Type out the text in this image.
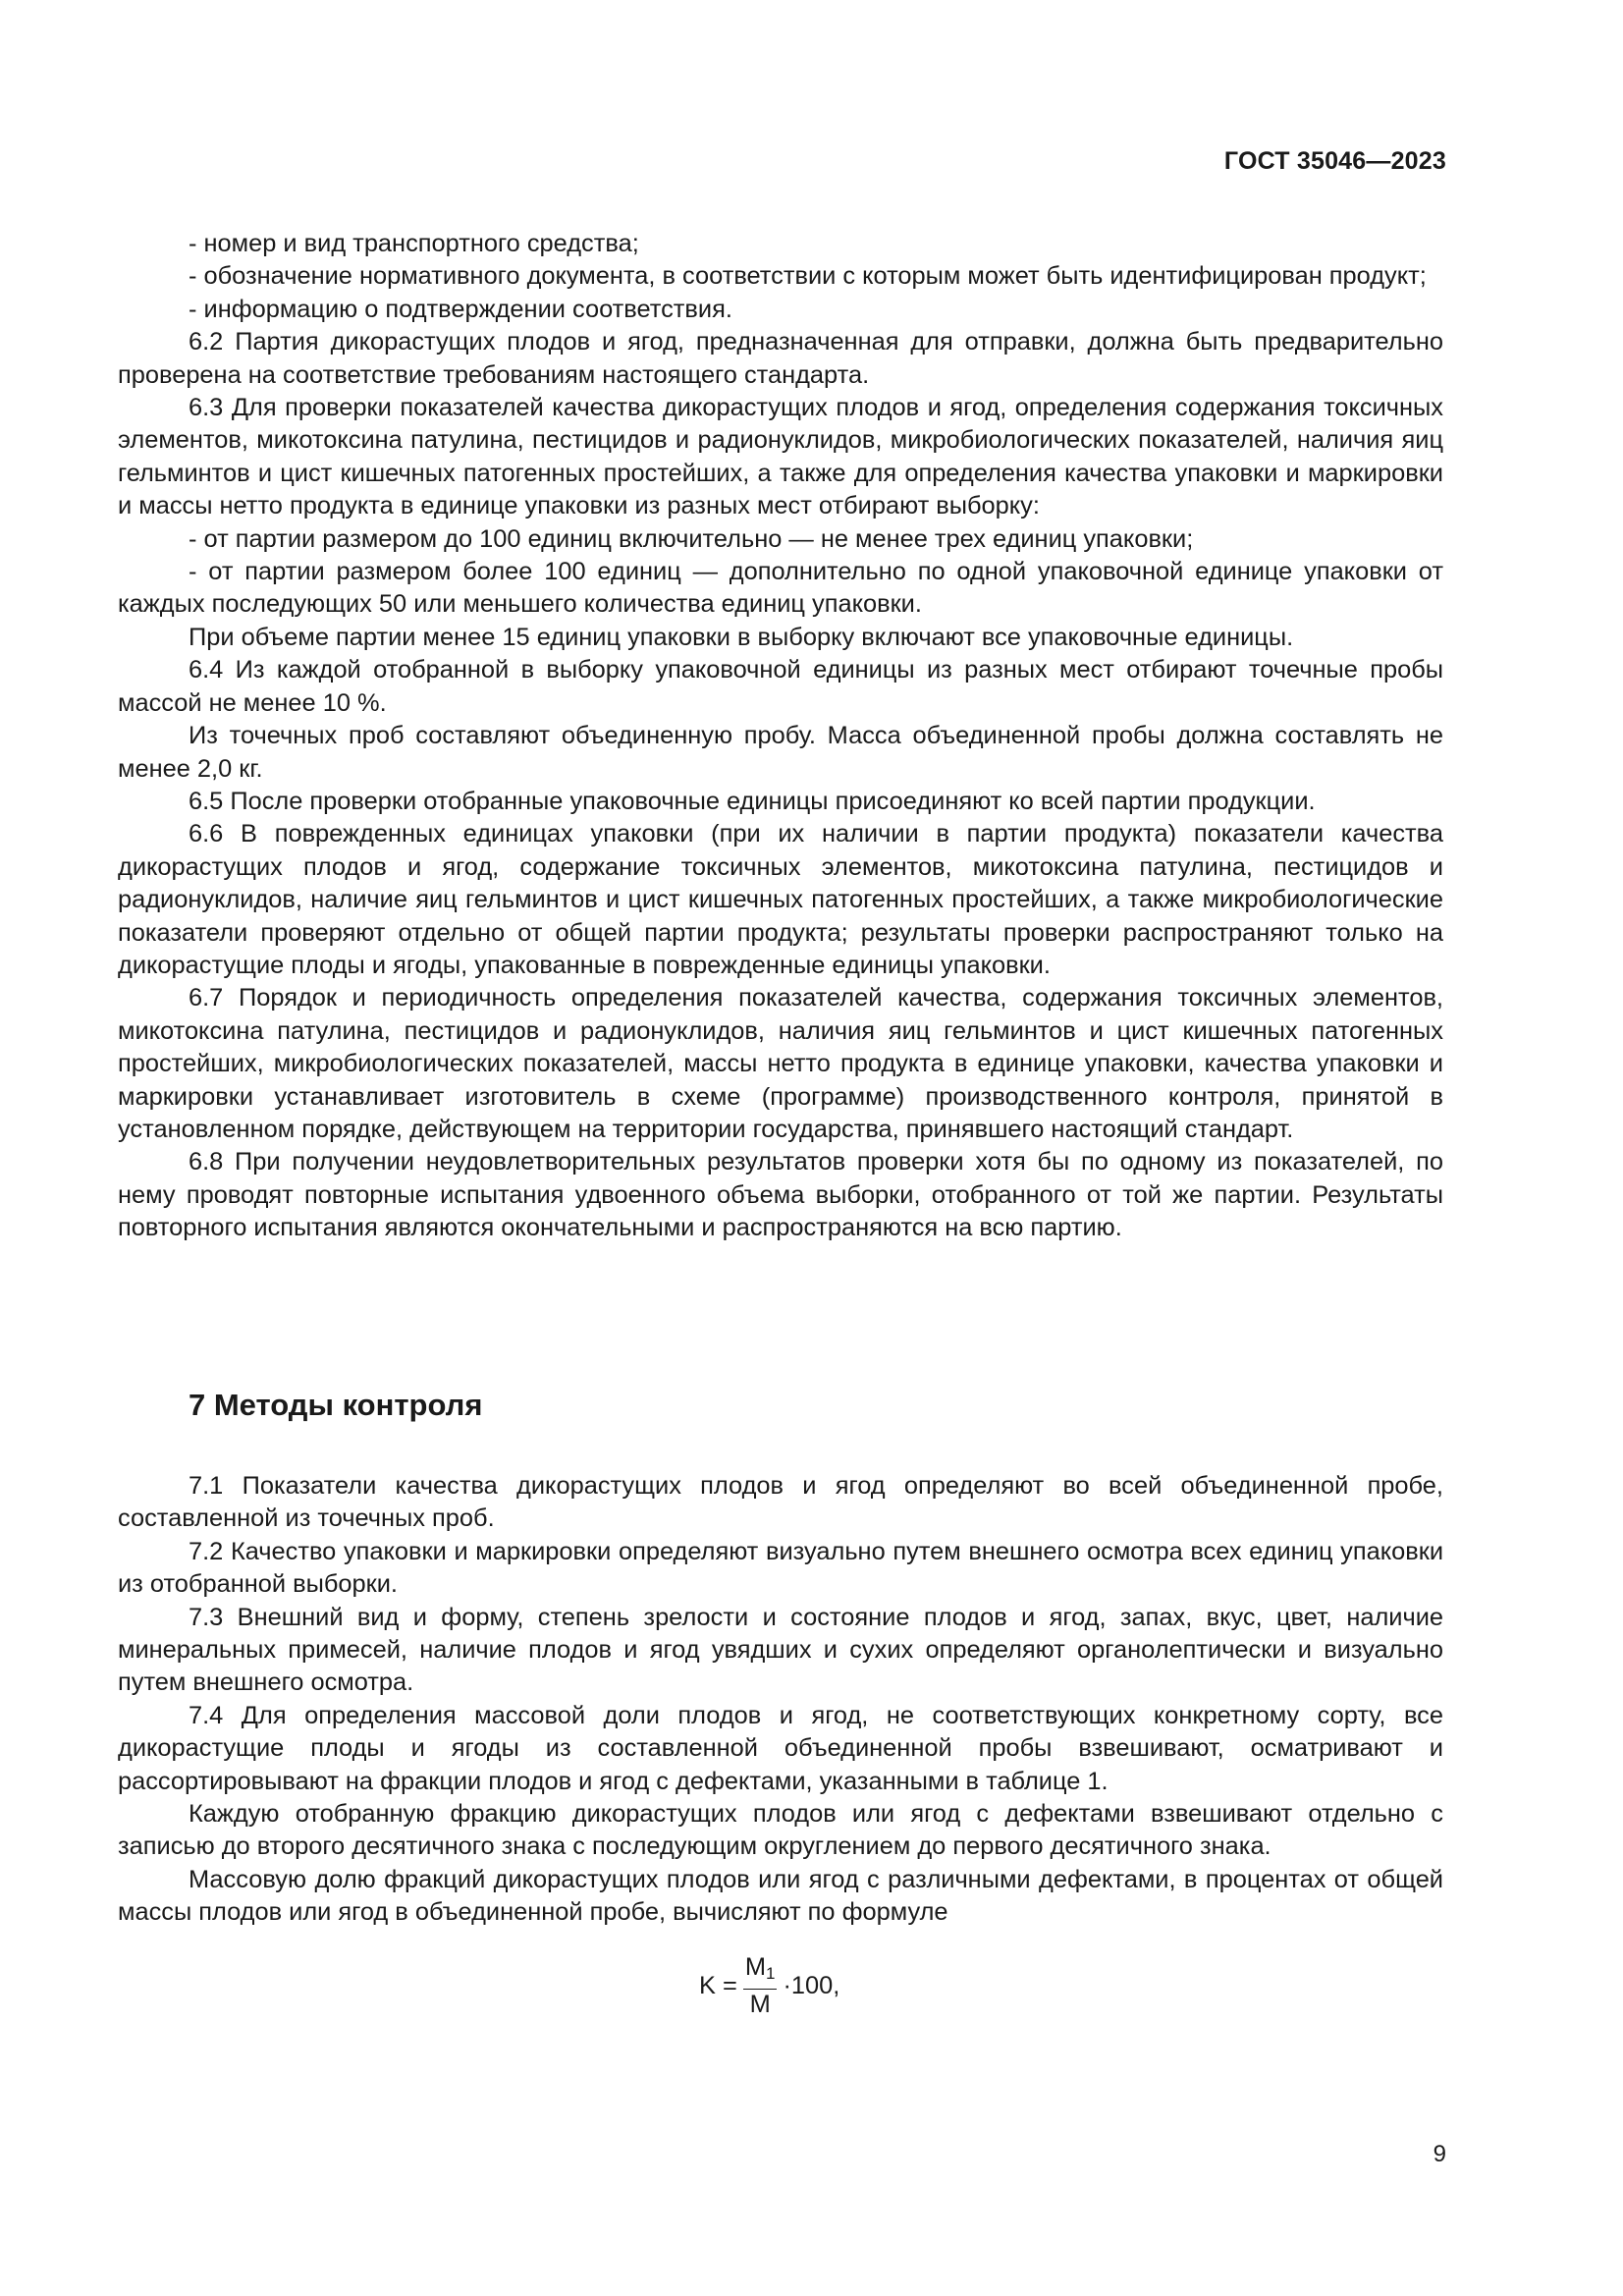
ГОСТ 35046—2023

- номер и вид транспортного средства;

- обозначение нормативного документа, в соответствии с которым может быть идентифицирован продукт;

- информацию о подтверждении соответствия.

6.2 Партия дикорастущих плодов и ягод, предназначенная для отправки, должна быть предварительно проверена на соответствие требованиям настоящего стандарта.

6.3 Для проверки показателей качества дикорастущих плодов и ягод, определения содержания токсичных элементов, микотоксина патулина, пестицидов и радионуклидов, микробиологических показателей, наличия яиц гельминтов и цист кишечных патогенных простейших, а также для определения качества упаковки и маркировки и массы нетто продукта в единице упаковки из разных мест отбирают выборку:

- от партии размером до 100 единиц включительно — не менее трех единиц упаковки;

- от партии размером более 100 единиц — дополнительно по одной упаковочной единице упаковки от каждых последующих 50 или меньшего количества единиц упаковки.

При объеме партии менее 15 единиц упаковки в выборку включают все упаковочные единицы.

6.4 Из каждой отобранной в выборку упаковочной единицы из разных мест отбирают точечные пробы массой не менее 10 %.

Из точечных проб составляют объединенную пробу. Масса объединенной пробы должна составлять не менее 2,0 кг.

6.5 После проверки отобранные упаковочные единицы присоединяют ко всей партии продукции.

6.6 В поврежденных единицах упаковки (при их наличии в партии продукта) показатели качества дикорастущих плодов и ягод, содержание токсичных элементов, микотоксина патулина, пестицидов и радионуклидов, наличие яиц гельминтов и цист кишечных патогенных простейших, а также микробиологические показатели проверяют отдельно от общей партии продукта; результаты проверки распространяют только на дикорастущие плоды и ягоды, упакованные в поврежденные единицы упаковки.

6.7 Порядок и периодичность определения показателей качества, содержания токсичных элементов, микотоксина патулина, пестицидов и радионуклидов, наличия яиц гельминтов и цист кишечных патогенных простейших, микробиологических показателей, массы нетто продукта в единице упаковки, качества упаковки и маркировки устанавливает изготовитель в схеме (программе) производственного контроля, принятой в установленном порядке, действующем на территории государства, принявшего настоящий стандарт.

6.8 При получении неудовлетворительных результатов проверки хотя бы по одному из показателей, по нему проводят повторные испытания удвоенного объема выборки, отобранного от той же партии. Результаты повторного испытания являются окончательными и распространяются на всю партию.

7 Методы контроля

7.1 Показатели качества дикорастущих плодов и ягод определяют во всей объединенной пробе, составленной из точечных проб.

7.2 Качество упаковки и маркировки определяют визуально путем внешнего осмотра всех единиц упаковки из отобранной выборки.

7.3 Внешний вид и форму, степень зрелости и состояние плодов и ягод, запах, вкус, цвет, наличие минеральных примесей, наличие плодов и ягод увядших и сухих определяют органолептически и визуально путем внешнего осмотра.

7.4 Для определения массовой доли плодов и ягод, не соответствующих конкретному сорту, все дикорастущие плоды и ягоды из составленной объединенной пробы взвешивают, осматривают и рассортировывают на фракции плодов и ягод с дефектами, указанными в таблице 1.

Каждую отобранную фракцию дикорастущих плодов или ягод с дефектами взвешивают отдельно с записью до второго десятичного знака с последующим округлением до первого десятичного знака.

Массовую долю фракций дикорастущих плодов или ягод с различными дефектами, в процентах от общей массы плодов или ягод в объединенной пробе, вычисляют по формуле

$K = \frac{M_1}{M} \cdot 100$,
9
